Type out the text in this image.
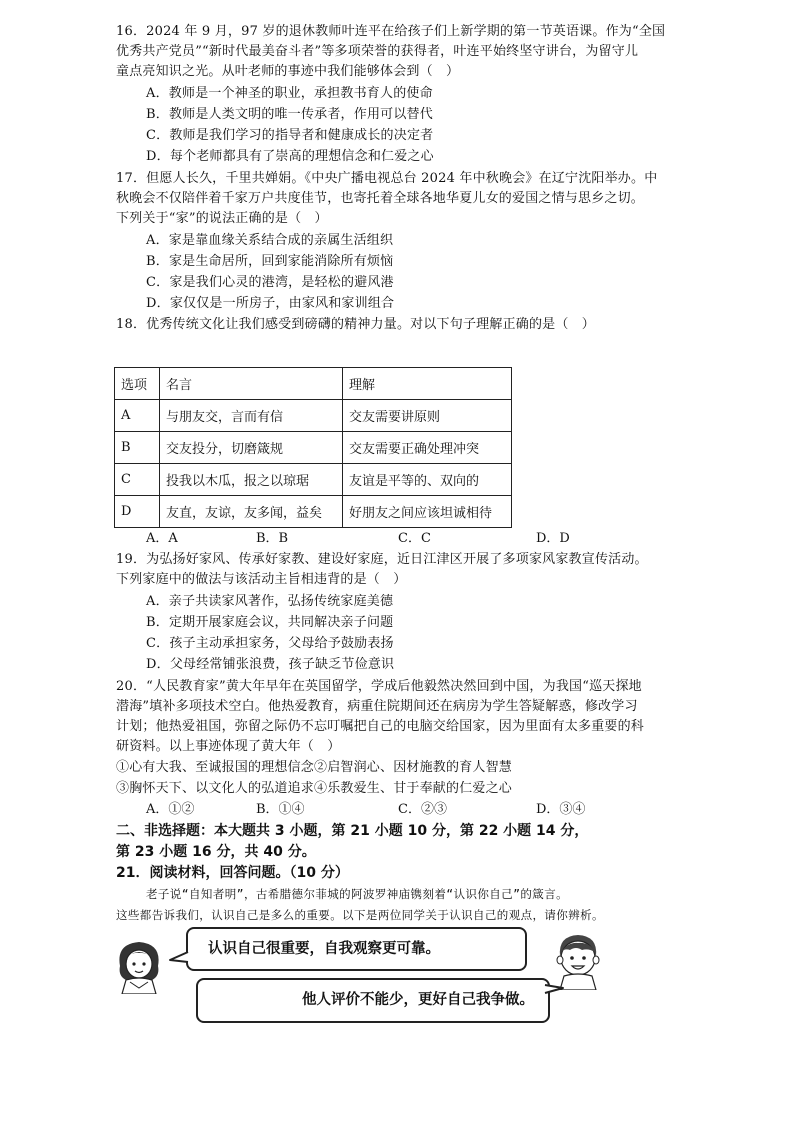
16．2024 年 9 月，97 岁的退休教师叶连平在给孩子们上新学期的第一节英语课。作为“全国
优秀共产党员”“新时代最美奋斗者”等多项荣誉的获得者，叶连平始终坚守讲台，为留守儿
童点亮知识之光。从叶老师的事迹中我们能够体会到（　）
A．教师是一个神圣的职业，承担教书育人的使命
B．教师是人类文明的唯一传承者，作用可以替代
C．教师是我们学习的指导者和健康成长的决定者
D．每个老师都具有了崇高的理想信念和仁爱之心
17．但愿人长久，千里共婵娟。《中央广播电视总台 2024 年中秋晚会》在辽宁沈阳举办。中
秋晚会不仅陪伴着千家万户共度佳节，也寄托着全球各地华夏儿女的爱国之情与思乡之切。
下列关于“家”的说法正确的是（　）
A．家是靠血缘关系结合成的亲属生活组织
B．家是生命居所，回到家能消除所有烦恼
C．家是我们心灵的港湾，是轻松的避风港
D．家仅仅是一所房子，由家风和家训组合
18．优秀传统文化让我们感受到磅礴的精神力量。对以下句子理解正确的是（　）
选项	名言	理解
A	与朋友交，言而有信	交友需要讲原则
B	交友投分，切磨箴规	交友需要正确处理冲突
C	投我以木瓜，报之以琼琚	友谊是平等的、双向的
D	友直，友谅，友多闻，益矣	好朋友之间应该坦诚相待
A．A	B．B	C．C	D．D
19．为弘扬好家风、传承好家教、建设好家庭，近日江津区开展了多项家风家教宣传活动。
下列家庭中的做法与该活动主旨相违背的是（　）
A．亲子共读家风著作，弘扬传统家庭美德
B．定期开展家庭会议，共同解决亲子问题
C．孩子主动承担家务，父母给予鼓励表扬
D．父母经常铺张浪费，孩子缺乏节俭意识
20．“人民教育家”黄大年早年在英国留学，学成后他毅然决然回到中国，为我国“巡天探地
潜海”填补多项技术空白。他热爱教育，病重住院期间还在病房为学生答疑解惑，修改学习
计划；他热爱祖国，弥留之际仍不忘叮嘱把自己的电脑交给国家，因为里面有太多重要的科
研资料。以上事迹体现了黄大年（　）
①心有大我、至诚报国的理想信念②启智润心、因材施教的育人智慧
③胸怀天下、以文化人的弘道追求④乐教爱生、甘于奉献的仁爱之心
A．①②	B．①④	C．②③	D．③④
二、非选择题：本大题共 3 小题，第 21 小题 10 分，第 22 小题 14 分，
第 23 小题 16 分，共 40 分。
21．阅读材料，回答问题。（10 分）
老子说“自知者明”，古希腊德尔菲城的阿波罗神庙镌刻着“认识你自己”的箴言。
这些都告诉我们，认识自己是多么的重要。以下是两位同学关于认识自己的观点，请你辨析。
认识自己很重要，自我观察更可靠。
他人评价不能少，更好自己我争做。
